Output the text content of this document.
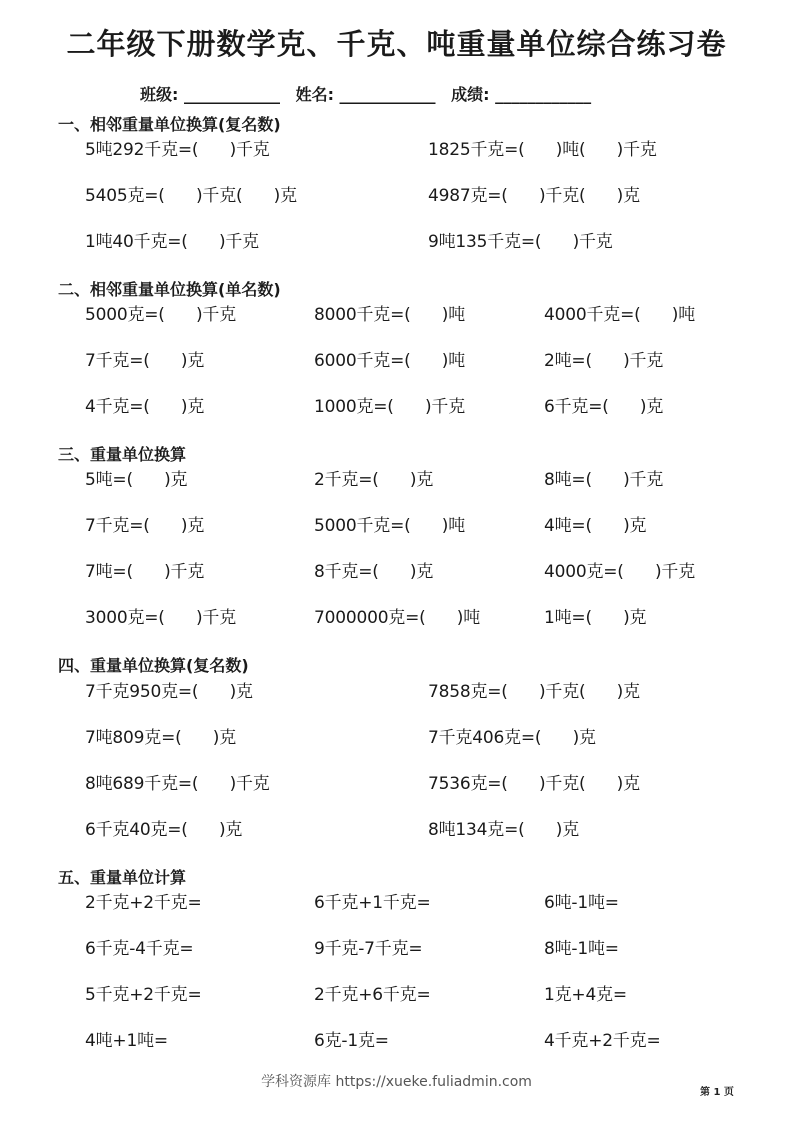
二年级下册数学克、千克、吨重量单位综合练习卷
班级: ____________ 姓名: ____________ 成绩: ____________
一、相邻重量单位换算(复名数)
5吨292千克=(      )千克	1825千克=(      )吨(      )千克
5405克=(      )千克(      )克	4987克=(      )千克(      )克
1吨40千克=(      )千克	9吨135千克=(      )千克
二、相邻重量单位换算(单名数)
5000克=(      )千克	8000千克=(      )吨	4000千克=(      )吨
7千克=(      )克	6000千克=(      )吨	2吨=(      )千克
4千克=(      )克	1000克=(      )千克	6千克=(      )克
三、重量单位换算
5吨=(      )克	2千克=(      )克	8吨=(      )千克
7千克=(      )克	5000千克=(      )吨	4吨=(      )克
7吨=(      )千克	8千克=(      )克	4000克=(      )千克
3000克=(      )千克	7000000克=(      )吨	1吨=(      )克
四、重量单位换算(复名数)
7千克950克=(      )克	7858克=(      )千克(      )克
7吨809克=(      )克	7千克406克=(      )克
8吨689千克=(      )千克	7536克=(      )千克(      )克
6千克40克=(      )克	8吨134克=(      )克
五、重量单位计算
2千克+2千克=	6千克+1千克=	6吨-1吨=
6千克-4千克=	9千克-7千克=	8吨-1吨=
5千克+2千克=	2千克+6千克=	1克+4克=
4吨+1吨=	6克-1克=	4千克+2千克=
学科资源库 https://xueke.fuliadmin.com
第 1 页
